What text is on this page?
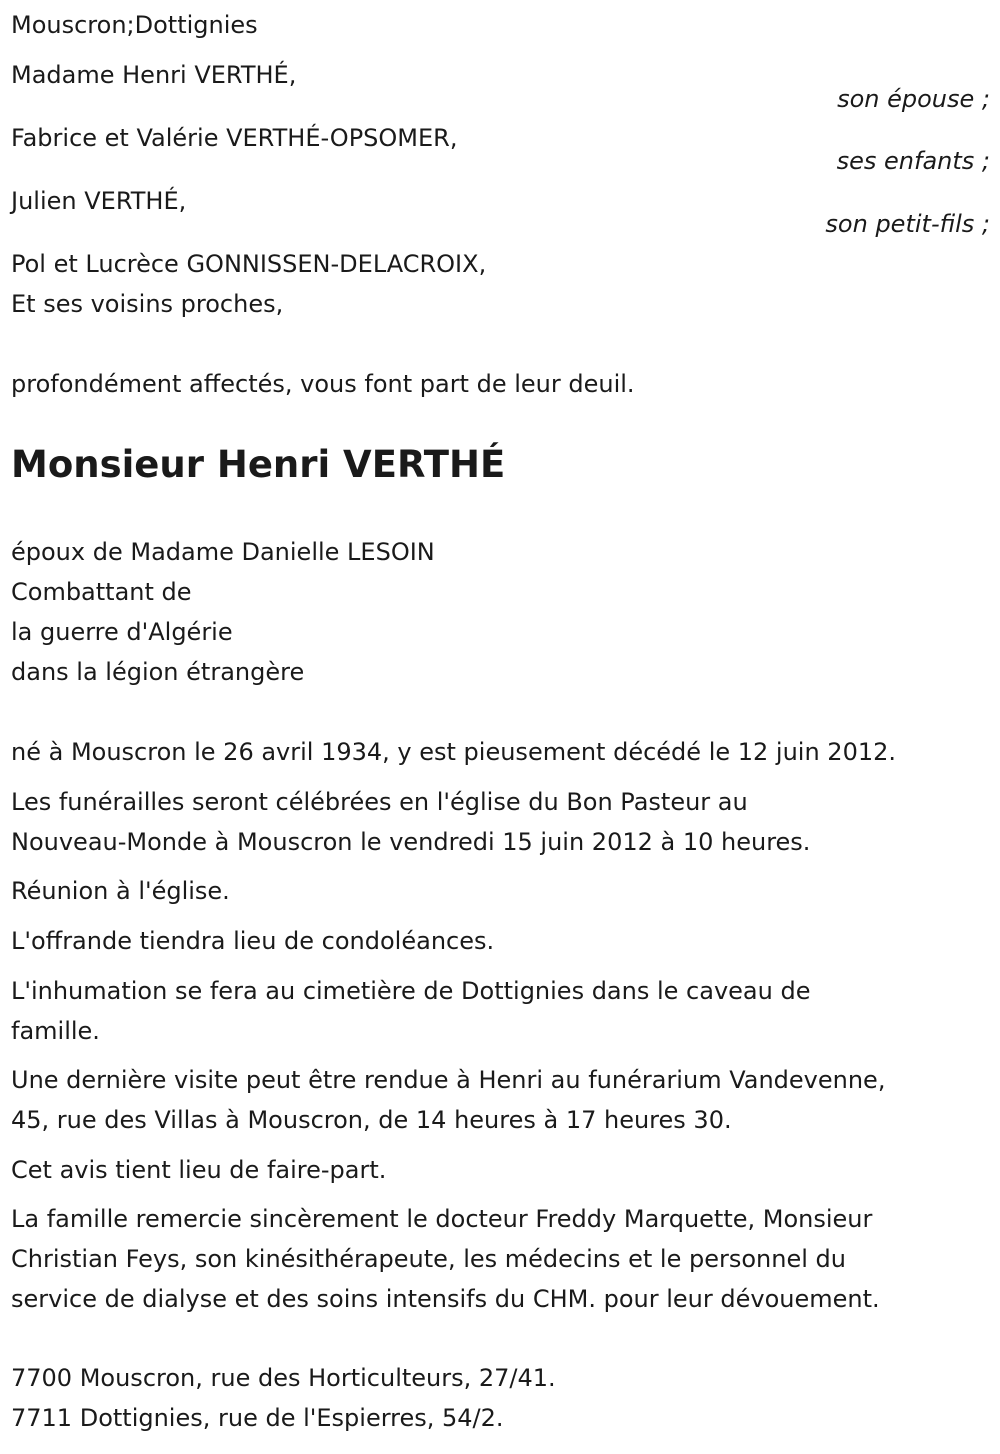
Mouscron;Dottignies
Madame Henri VERTHÉ,
son épouse ;
Fabrice et Valérie VERTHÉ-OPSOMER,
ses enfants ;
Julien VERTHÉ,
son petit-fils ;
Pol et Lucrèce GONNISSEN-DELACROIX,
Et ses voisins proches,
profondément affectés, vous font part de leur deuil.
Monsieur Henri VERTHÉ
époux de Madame Danielle LESOIN
Combattant de
la guerre d'Algérie
dans la légion étrangère
né à Mouscron le 26 avril 1934, y est pieusement décédé le 12 juin 2012.
Les funérailles seront célébrées en l'église du Bon Pasteur au
Nouveau-Monde à Mouscron le vendredi 15 juin 2012 à 10 heures.
Réunion à l'église.
L'offrande tiendra lieu de condoléances.
L'inhumation se fera au cimetière de Dottignies dans le caveau de
famille.
Une dernière visite peut être rendue à Henri au funérarium Vandevenne,
45, rue des Villas à Mouscron, de 14 heures à 17 heures 30.
Cet avis tient lieu de faire-part.
La famille remercie sincèrement le docteur Freddy Marquette, Monsieur
Christian Feys, son kinésithérapeute, les médecins et le personnel du
service de dialyse et des soins intensifs du CHM. pour leur dévouement.
7700 Mouscron, rue des Horticulteurs, 27/41.
7711 Dottignies, rue de l'Espierres, 54/2.
